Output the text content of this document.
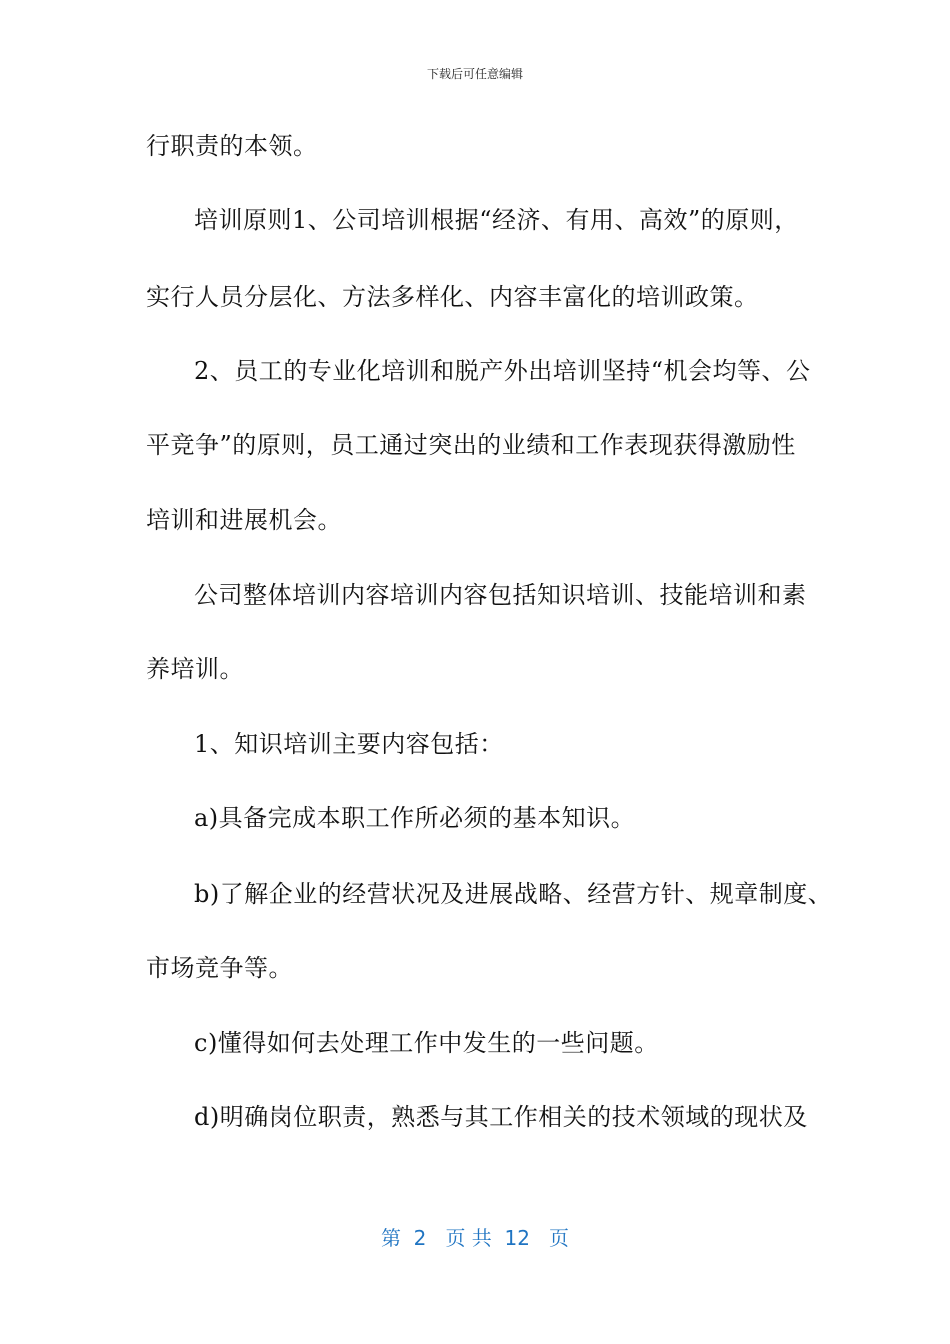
下载后可任意编辑
行职责的本领。
培训原则1、公司培训根据“经济、有用、高效”的原则，
实行人员分层化、方法多样化、内容丰富化的培训政策。
2、员工的专业化培训和脱产外出培训坚持“机会均等、公
平竞争”的原则，员工通过突出的业绩和工作表现获得激励性
培训和进展机会。
公司整体培训内容培训内容包括知识培训、技能培训和素
养培训。
1、知识培训主要内容包括：
a)具备完成本职工作所必须的基本知识。
b)了解企业的经营状况及进展战略、经营方针、规章制度、
市场竞争等。
c)懂得如何去处理工作中发生的一些问题。
d)明确岗位职责，熟悉与其工作相关的技术领域的现状及
第  2   页 共  12   页
